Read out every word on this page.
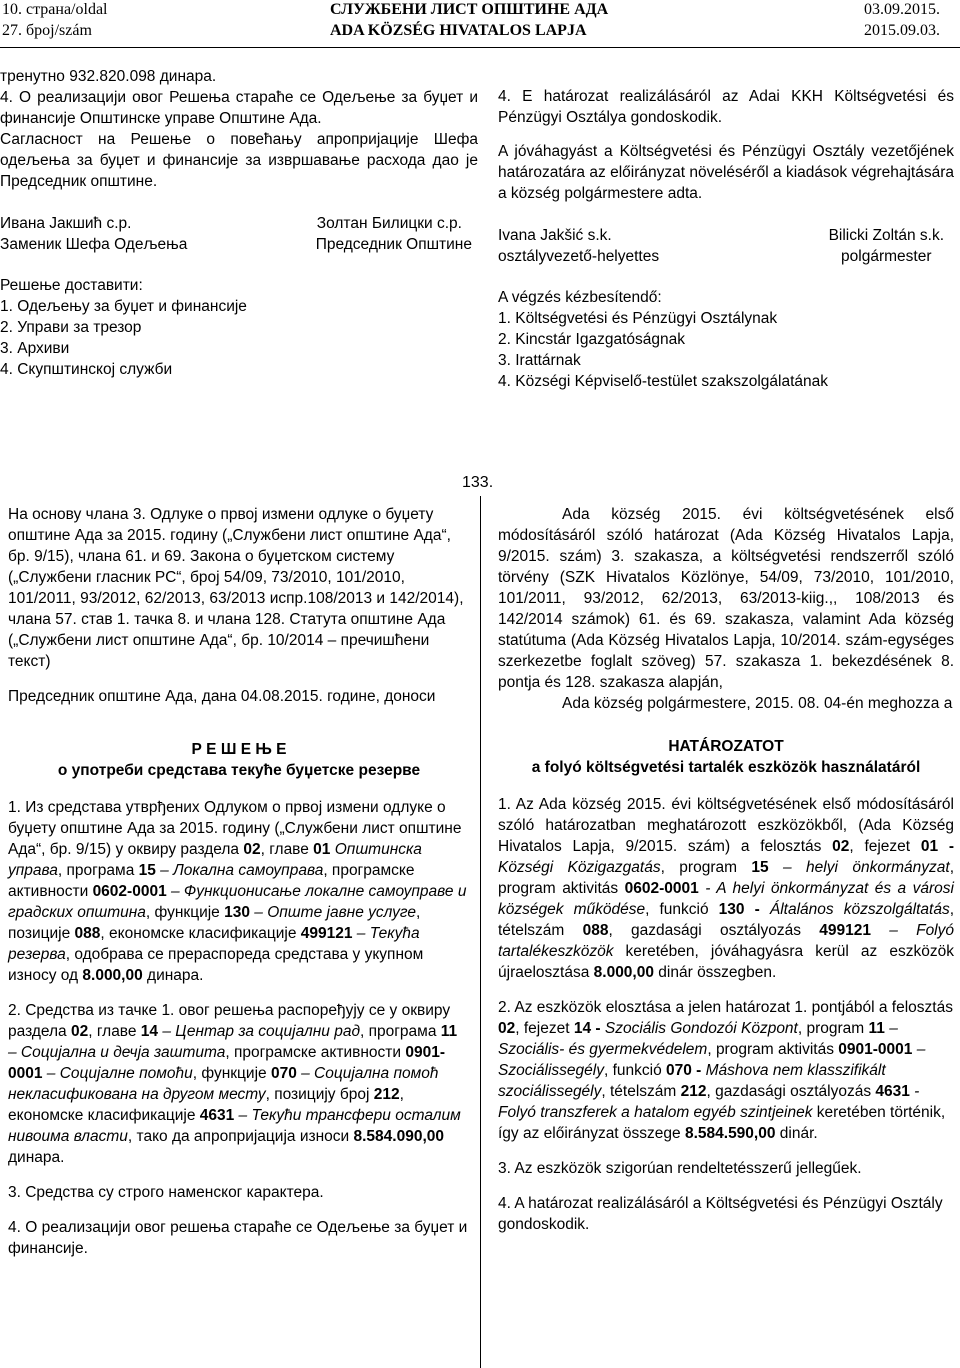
10. страна/oldal
27. број/szám
СЛУЖБЕНИ ЛИСТ ОПШТИНЕ АДА
ADA KÖZSÉG HIVATALOS LAPJA
03.09.2015.
2015.09.03.

тренутно 932.820.098 динара.

4. О реализацији овог Решења стараће се Одељење за буџет и финансије Општинске управе Општине Ада.

Сагласност на Решење о повећању апропријације Шефа одељења за буџет и финансије за извршавање расхода дао је Председник општине.

Ивана Јакшић с.р.
Заменик Шефа Одељења
Золтан Билицки с.р.
Председник Општине

Решење доставити:

1. Одељењу за буџет и финансије

2. Управи за трезор

3. Архиви

4. Скупштинској служби

4. E határozat realizálásáról az Adai KKH Költségvetési és Pénzügyi Osztálya gondoskodik.

A jóváhagyást a Költségvetési és Pénzügyi Osztály vezetőjének határozatára az előirányzat növeléséről a kiadások végrehajtására a község polgármestere adta.

Ivana Jakšić s.k.
osztályvezető-helyettes
Bilicki Zoltán s.k.
polgármester

A végzés kézbesítendő:

1. Költségvetési és Pénzügyi Osztálynak

2. Kincstár Igazgatóságnak

3. Irattárnak

4. Községi Képviselő-testület szakszolgálatának

133.

На основу члана 3. Одлуке о првој измени одлуке о буџету општине Ада за 2015. годину („Службени лист општине Ада“, бр. 9/15), члана 61. и 69. Закона о буџетском систему („Службени гласник РС“, број 54/09, 73/2010, 101/2010, 101/2011, 93/2012, 62/2013, 63/2013 испр.108/2013 и 142/2014), члана 57. став 1. тачка 8. и члана 128. Статута општине Ада („Службени лист општине Ада“, бр. 10/2014 – пречишћени текст)

Председник општине Ада, дана 04.08.2015. године, доноси

Р Е Ш Е Њ Е

о употреби средстава текуће буџетске резерве

1. Из средстава утврђених Одлуком о првој измени одлуке о буџету општине Ада за 2015. годину („Службени лист општине Ада“, бр. 9/15) у оквиру раздела 02, главе 01 Општинска управа, програма 15 – Локална самоуправа, програмске активности 0602-0001 – Функционисање локалне самоуправе и градских општина, функције 130 – Опште јавне услуге, позиције 088, економске класификације 499121 – Текућа резерва, одобрава се прераспоредa средстава у укупном износу од 8.000,00 динара.

2. Средства из тачке 1. овог решења распоређују се у оквиру раздела 02, главе 14 – Центар за социјални рад, програма 11 – Социјална и дечја заштита, програмске активности 0901-0001 – Социјалне помоћи, функције 070 – Социјална помоћ некласификована на другом месту, позицију број 212, економске класификације 4631 – Текући трансфери осталим нивоима власти, тако да апропријација износи 8.584.090,00 динара.

3. Средства су строго наменског карактера.

4. О реализацији овог решења стараће се Одељење за буџет и финансије.

Ada község 2015. évi költségvetésének első módosításáról szóló határozat (Ada Község Hivatalos Lapja, 9/2015. szám) 3. szakasza, a költségvetési rendszerről szóló törvény (SZK Hivatalos Közlönye, 54/09, 73/2010, 101/2010, 101/2011, 93/2012, 62/2013, 63/2013-kiig.,, 108/2013 és 142/2014 számok) 61. és 69. szakasza, valamint Ada község statútuma (Ada Község Hivatalos Lapja, 10/2014. szám-egységes szerkezetbe foglalt szöveg) 57. szakasza 1. bekezdésének 8. pontja és 128. szakasza alapján,

Ada község polgármestere, 2015. 08. 04-én meghozza a

HATÁROZATOT

a folyó költségvetési tartalék eszközök használatáról

1. Az Ada község 2015. évi költségvetésének első módosításáról szóló határozatban meghatározott eszközökből, (Ada Község Hivatalos Lapja, 9/2015. szám) a felosztás 02, fejezet 01 - Községi Közigazgatás, program 15 – helyi önkormányzat, program aktivitás 0602-0001 - A helyi önkormányzat és a városi községek működése, funkció 130 - Általános közszolgáltatás, tételszám 088, gazdasági osztályozás 499121 – Folyó tartalékeszközök keretében, jóváhagyásra kerül az eszközök újraelosztása 8.000,00 dinár összegben.

2. Az eszközök elosztása a jelen határozat 1. pontjából a felosztás 02, fejezet 14 - Szociális Gondozói Központ, program 11 – Szociális- és gyermekvédelem, program aktivitás 0901-0001 – Szociálissegély, funkció 070 - Máshova nem klasszifikált szociálissegély, tételszám 212, gazdasági osztályozás 4631 - Folyó transzferek a hatalom egyéb szintjeinek keretében történik, így az előirányzat összege 8.584.590,00 dinár.

3. Az eszközök szigorúan rendeltetésszerű jellegűek.

4. A határozat realizálásáról a Költségvetési és Pénzügyi Osztály gondoskodik.
